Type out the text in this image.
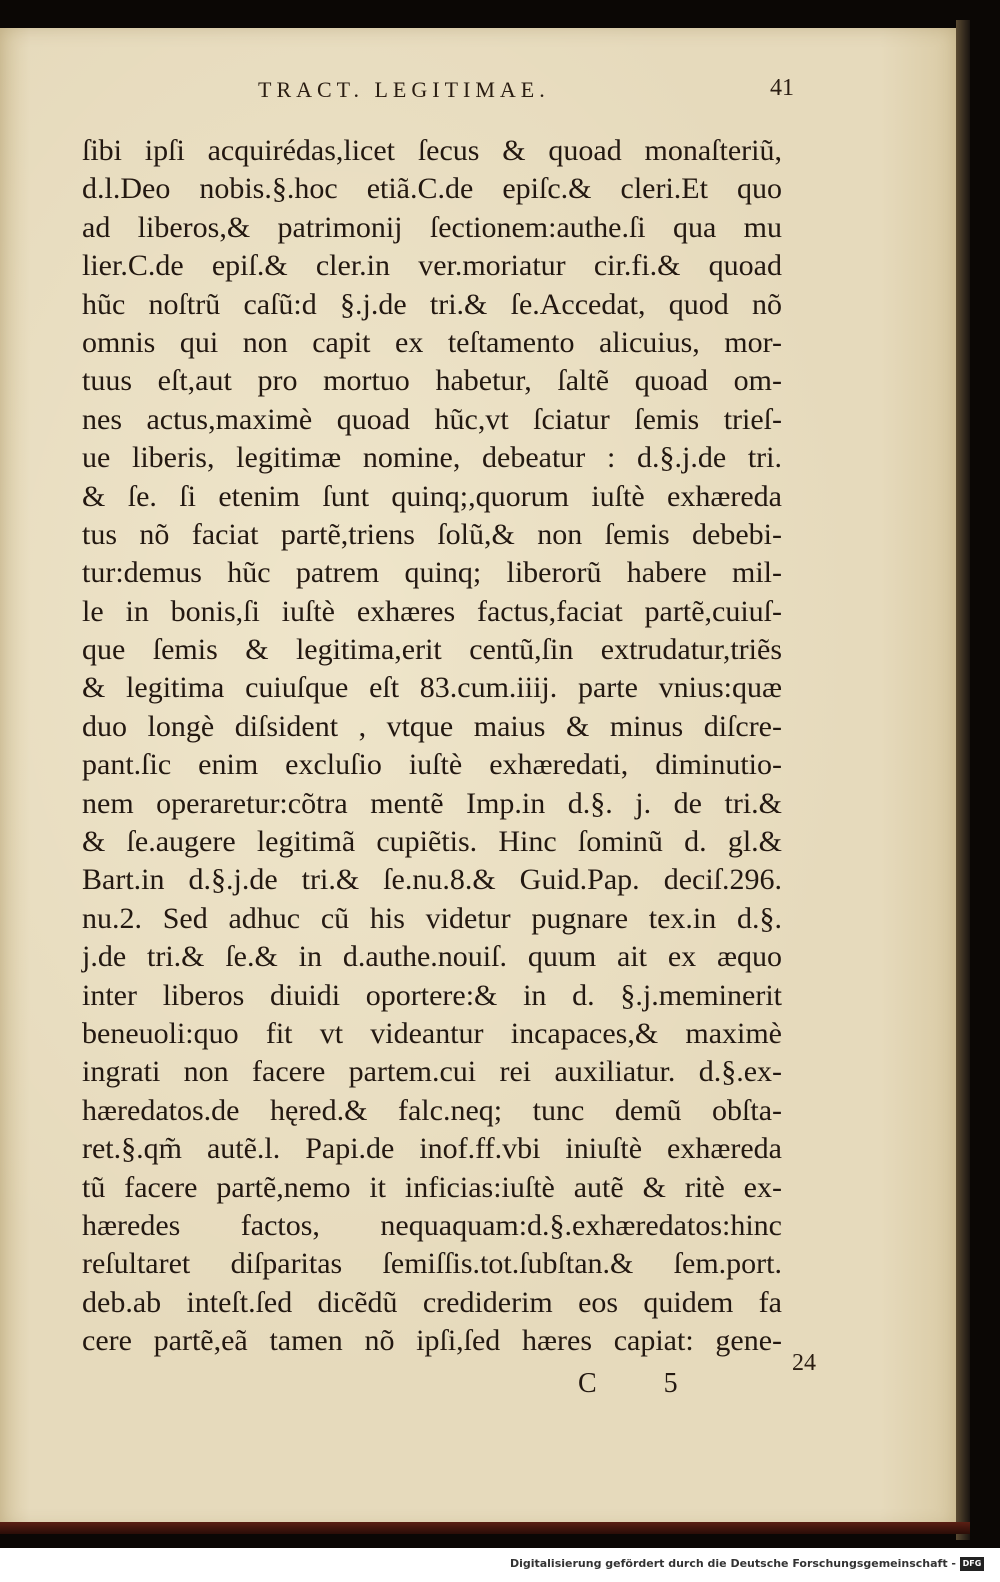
TRACT. LEGITIMAE.	41
ſibi ipſi acquirédas,licet ſecus & quoad monaſteriũ,
d.l.Deo nobis.§.hoc etiã.C.de epiſc.& cleri.Et quo
ad liberos,& patrimonij ſectionem:authe.ſi qua mu
lier.C.de epiſ.& cler.in ver.moriatur cir.fi.& quoad
hũc noſtrũ caſũ:d §.j.de tri.& ſe.Accedat, quod nõ
omnis qui non capit ex teſtamento alicuius, mor-
tuus eſt,aut pro mortuo habetur, ſaltẽ quoad om-
nes actus,maximè quoad hũc,vt ſciatur ſemis trieſ-
ue liberis, legitimæ nomine, debeatur : d.§.j.de tri.
& ſe. ſi etenim ſunt quinq;,quorum iuſtè exhæreda
tus nõ faciat partẽ,triens ſolũ,& non ſemis debebi-
tur:demus hũc patrem quinq; liberorũ habere mil-
le in bonis,ſi iuſtè exhæres factus,faciat partẽ,cuiuſ-
que ſemis & legitima,erit centũ,ſin extrudatur,triẽs
& legitima cuiuſque eſt 83.cum.iiij. parte vnius:quæ
duo longè diſsident , vtque maius & minus diſcre-
pant.ſic enim excluſio iuſtè exhæredati, diminutio-
nem operaretur:cõtra mentẽ Imp.in d.§. j. de tri.&
& ſe.augere legitimã cupiẽtis. Hinc ſominũ d. gl.&
Bart.in d.§.j.de tri.& ſe.nu.8.& Guid.Pap. deciſ.296.
nu.2. Sed adhuc cũ his videtur pugnare tex.in d.§.
j.de tri.& ſe.& in d.authe.nouiſ. quum ait ex æquo
inter liberos diuidi oportere:& in d. §.j.meminerit
beneuoli:quo fit vt videantur incapaces,& maximè
ingrati non facere partem.cui rei auxiliatur. d.§.ex-
hæredatos.de hęred.& falc.neq; tunc demũ obſta-
ret.§.qm̃ autẽ.l. Papi.de inof.ff.vbi iniuſtè exhæreda
tũ facere partẽ,nemo it inficias:iuſtè autẽ & ritè ex-
hæredes factos, nequaquam:d.§.exhæredatos:hinc
reſultaret diſparitas ſemiſſis.tot.ſubſtan.& ſem.port.
deb.ab inteſt.ſed dicẽdũ crediderim eos quidem fa
cere partẽ,eã tamen nõ ipſi,ſed hæres capiat: gene-
24
C 5
Digitalisierung gefördert durch die Deutsche Forschungsgemeinschaft - DFG
